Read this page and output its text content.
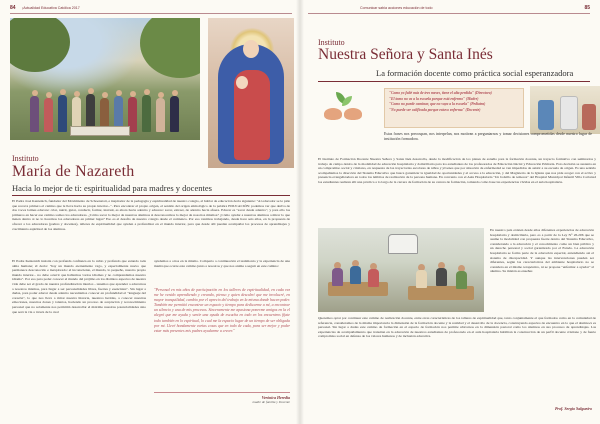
84 ¡Actualidad Educativa Católica 2017
Instituto
María de Nazareth
Hacia lo mejor de ti: espiritualidad para madres y docentes

El Padre José Kentenich, fundador del Movimiento de Schoenstatt, e inspirador de la pedagogía y espiritualidad de nuestro colegio, al hablar de educación decía siguiente: "Al educador se le pide que recorra primero el camino que le lleve hacia su propio interior...". Para encontrar el propio origen, el sentido del origen etimológico de la palabra EDUCACIÓN: podemos ver que deriva de dos voces latinas educare: criar, nutrir, guiar, conducir, formar, instruir, es ahora hacia adentro y educere: sacar, extraer, de adentro hacia afuera. Educar es "sacar desde adentro", y para ello los primeros en hacer ese camino somos los educadores. ¿Cómo sacar lo mejor de nuestros alumnos si desconocemos lo mejor de nosotros mismos? ¿Cómo ayudar a nuestros alumnos a mirar lo que tienen dentro si no lo hacemos los educadores en primer lugar? Eso es el desafío de nuestro colegio desde el comienzo. Por eso venimos trabajando, desde hace seis años, en la propuesta de ofrecer a los educadores (padres y docentes), talleres de espiritualidad que ayuden a profundizar en el mundo interior, para que desde allí puedan acompañar los procesos de aprendizajes y crecimiento espiritual de los alumnos.

El Padre Kentenich insistía con profunda confianza en lo rubio y profundo que estando toda alma humana; él decía: "hay un mundo eternamente vago, y especialmente nuevo que permanece desconocido e inexplorado: el inconsciente, el mundo, lo pequeño, nuestro propio mundo interior... no debe ocurrir que hablemos varios idiomas y no comprendamos nuestro idioma". Por eso para poder conocer el mundo del prójimo en los distintos aspectos de nuestra vida debe ser el grado de nuestra profundización interior... tenemos que aprender a educarnos a nosotros mismos, para llegar a ser personalidades libres, fuertes y esenciales". Sin lugar a dudas, para poder educar desde adentro necesitamos conocer en profundidad el "lenguaje del corazón", lo que nos lleva a mirar nuestra historia, nuestros heridas, a conocer nuestras emociones, nuestros dones y talentos, haciendo un proceso de aceptación y reconocimiento personal que no solamente nos permitirá desarrollar el máximo nuestras potencialidades sino que será la vía a través de la cual

ayudemos a otros en la mismo. Comparto a continuación el testimonio y la experiencia de una mamá que ocurre este camino junto a nosotros y que nos anima a seguir en este camino:

"Personal en mis años de participación en los talleres de espiritualidad, en cada vez me he venido aprendiendo y creando, pienso y quien descubrí que me involucré, en mayor tranquilidad, cambio por el aprecio del trabajo en la misma donde hacen poder. También me permitió encontrar un espacio y tiempo para dedicarme a mí, a encontrar un silencio y una de mis procesos. Sinceramente me apasiona ponerme amigos en la el alegró que me ayuda y sentir una ayuda de escucha en todo en los encuentros fíjate todo también en lo espiritual, lo cual me la espacio lugar de un tiempo de ser obligada por mi. Llevé hondamente varias cosas que en todo de cada, para ser mejor y poder estar más presentes mis padres ayudarme a crecer."

Verónica Heredia
madre de familia y Docente
Comunicar sabia acciones educación de todo	85
Instituto
Nuestra Señora y Santa Inés
La formación docente como práctica social esperanzadora
"Como yo falté más de tres meses, tiene el alta perdida" (Directora)
"El tomo no va a la escuela porque está enfermo" (Madre)
"Como no puede caminar, que no vaya a la escuela" (Pediatra)
"No puede ser calificada porque estuvo enferma" (Docente)

Estas frases nos preocupan, nos interpelan, nos motivan a preguntarnos y tomar decisiones comprometidas desde nuestro lugar de institución formadora.

El Instituto de Formación Docente Nuestra Señora y Santa Inés desarrolla, desde la modificación de los planes de estudio para la formación docente, un trayecto formativo con seminarios y trabajo de campo dentro de la modalidad de educación hospitalaria y domiciliaria para los estudiantes de los profesorados de Educación Inicial y Educación Primaria. Esto decisión se sustenta en un compromiso social y cristiano, en respuesta de las trayectorias escolares de niños y jóvenes que por situación de enfermedad se ven impedidos de asistir a su escuela de origen. Es una sentido acompañamos la dirección del Sistema Educativo que busca garantizar la igualdad de oportunidades y el acceso a la educación, y del Magisterio de la Iglesia que nos pide acoger con el activo y presencia evangelizadora en todos los ámbitos de realización de la persona humana. En convenio con el Aula Hospitalaria "Un bolsillo de temores" del Hospital Municipal Infantil Villa Carlotted los estudiantes realizan allí una práctica a lo largo de la carrera de formación de su carrera de formación, tomando como base las experiencias vividas en el aula hospitalaria.

En nuestro país existen desde años diferentes experiencias de educación hospitalaria y domiciliaria, pero es a partir de la Ley N° 26.206 que se asume la modalidad con propuesta fuerte dentro del Sistema Educativo, considerando a la educación y el conocimiento como un bien público y un derecho personal y social garantizado por el Estado. La educación hospitalaria se forma parte de la educación especial, entendiendo así el sistema de discapacidad. Y aunque las intervenciones pueden ser diferentes, según las características del ambiente hospitalario no se considera en el mismo terapéutico, ni se propone "enfermar a ayudar" al alumno. Su misión es enseñar.

Queremos optar por continuar este camino de realización docente, entre otras características de los talleres de espiritualidad que, tanto conjuntamente el que formados como en la comunidad de referencia, consideramos de la misma importancia la dimensión de la formación docente y la realidad y el desarrollo de la docencia, construyendo espacios de encuentro en lo que el alumno/a es personal. Sin lugar a dudas este camino de formación en el espacio de formación nos permite ubicarnos en la dimensión pastoral como los alumnos en sus procesos de aprendizajes. Las experiencias de acompañamiento que transitan en la educación de nuestros estudiantes de profesorado en el aula hospitalaria habilitan la construcción de un perfil docente cristiano y de fuerte compromiso social en defensa de los valores humanos y de inclusión educativa.

Prof. Sergio Salgueiro
